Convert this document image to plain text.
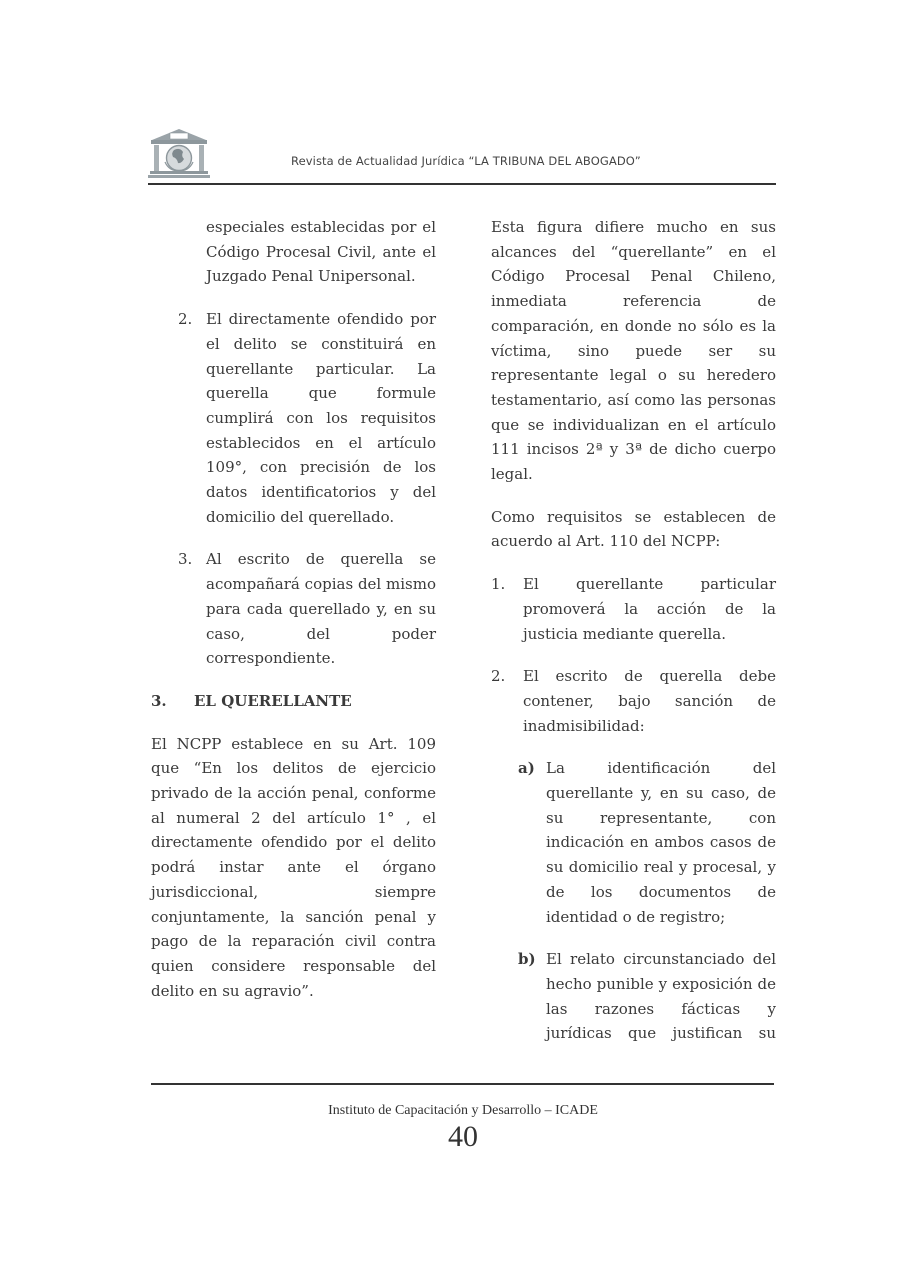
Revista de Actualidad Jurídica “LA TRIBUNA DEL ABOGADO”

especiales establecidas por el Código Procesal Civil, ante el Juzgado Penal Unipersonal.

2. El directamente ofendido por el delito se constituirá en querellante particular. La querella que formule cumplirá con los requisitos establecidos en el artículo 109°, con precisión de los datos identificatorios y del domicilio del querellado.
3. Al escrito de querella se acompañará copias del mismo para cada querellado y, en su caso, del poder correspondiente.
3. EL QUERELLANTE

El NCPP establece en su Art. 109 que “En los delitos de ejercicio privado de la acción penal, conforme al numeral 2 del artículo 1° , el directamente ofendido por el delito podrá instar ante el órgano jurisdiccional, siempre conjuntamente, la sanción penal y pago de la reparación civil contra quien considere responsable del delito en su agravio”.

Esta figura difiere mucho en sus alcances del “querellante” en el Código Procesal Penal Chileno, inmediata referencia de comparación, en donde no sólo es la víctima, sino puede ser su representante legal o su heredero testamentario, así como las personas que se individualizan en el artículo 111 incisos 2ª y 3ª de dicho cuerpo legal.

Como requisitos se establecen de acuerdo al Art. 110 del NCPP:

1. El querellante particular promoverá la acción de la justicia mediante querella.
2. El escrito de querella debe contener, bajo sanción de inadmisibilidad:
a) La identificación del querellante y, en su caso, de su representante, con indicación en ambos casos de su domicilio real y procesal, y de los documentos de identidad o de registro;
b) El relato circunstanciado del hecho punible y exposición de las razones fácticas y jurídicas que justifican su
Instituto de Capacitación y Desarrollo – ICADE
40
